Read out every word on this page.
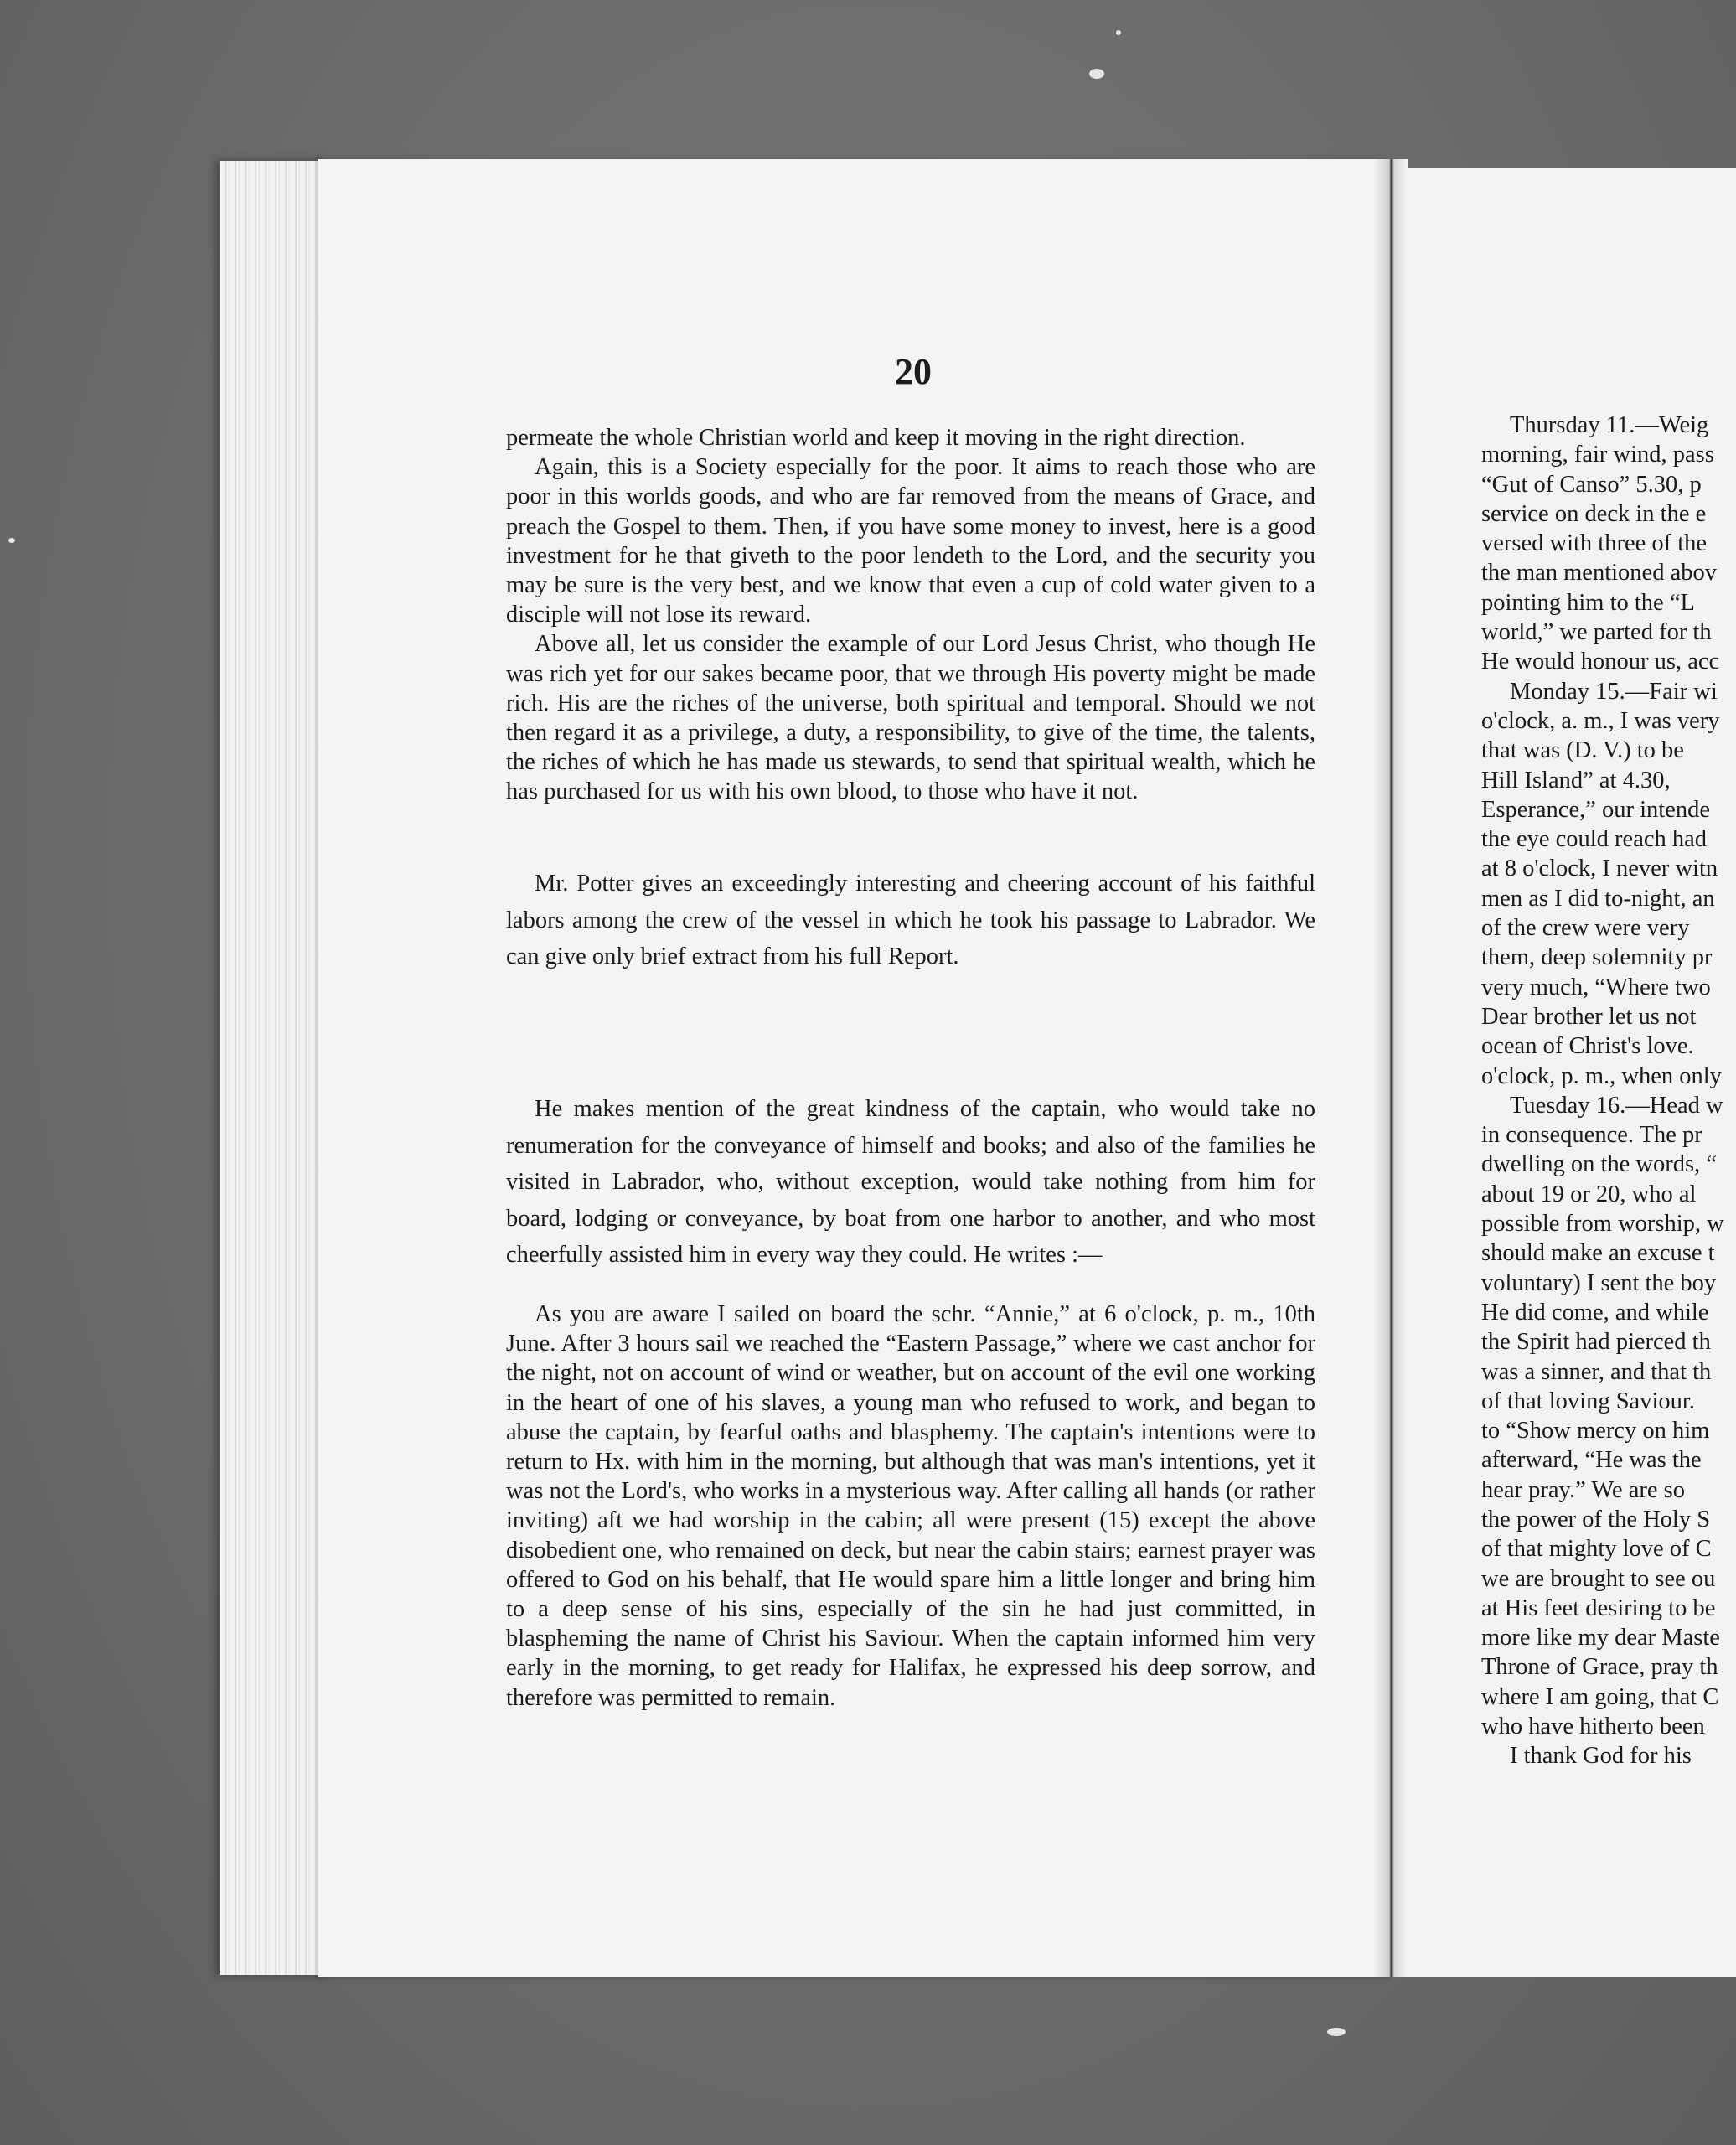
Thursday 11.—Weig
morning, fair wind, pass
“Gut of Canso” 5.30, p
service on deck in the e
versed with three of the
the man mentioned abov
pointing him to the “L
world,” we parted for th
He would honour us, acc
Monday 15.—Fair wi
o'clock, a. m., I was very
that was (D. V.) to be
Hill Island” at 4.30,
Esperance,” our intende
the eye could reach had
at 8 o'clock, I never witn
men as I did to-night, an
of the crew were very
them, deep solemnity pr
very much, “Where two
Dear brother let us not
ocean of Christ's love.
o'clock, p. m., when only
Tuesday 16.—Head w
in consequence. The pr
dwelling on the words, “
about 19 or 20, who al
possible from worship, w
should make an excuse t
voluntary) I sent the boy
He did come, and while
the Spirit had pierced th
was a sinner, and that th
of that loving Saviour.
to “Show mercy on him
afterward, “He was the
hear pray.” We are so
the power of the Holy S
of that mighty love of C
we are brought to see ou
at His feet desiring to be
more like my dear Maste
Throne of Grace, pray th
where I am going, that C
who have hitherto been
I thank God for his
20

permeate the whole Christian world and keep it moving in the right direction.

Again, this is a Society especially for the poor. It aims to reach those who are poor in this worlds goods, and who are far removed from the means of Grace, and preach the Gospel to them. Then, if you have some money to invest, here is a good investment for he that giveth to the poor lendeth to the Lord, and the security you may be sure is the very best, and we know that even a cup of cold water given to a disciple will not lose its reward.

Above all, let us consider the example of our Lord Jesus Christ, who though He was rich yet for our sakes became poor, that we through His poverty might be made rich. His are the riches of the universe, both spiritual and temporal. Should we not then regard it as a privilege, a duty, a responsibility, to give of the time, the talents, the riches of which he has made us stewards, to send that spiritual wealth, which he has purchased for us with his own blood, to those who have it not.

Mr. Potter gives an exceedingly interesting and cheering account of his faithful labors among the crew of the vessel in which he took his passage to Labrador. We can give only brief extract from his full Report.

He makes mention of the great kindness of the captain, who would take no renumeration for the conveyance of himself and books; and also of the families he visited in Labrador, who, without exception, would take nothing from him for board, lodging or conveyance, by boat from one harbor to another, and who most cheerfully assisted him in every way they could. He writes :—

As you are aware I sailed on board the schr. “Annie,” at 6 o'clock, p. m., 10th June. After 3 hours sail we reached the “Eastern Passage,” where we cast anchor for the night, not on account of wind or weather, but on account of the evil one working in the heart of one of his slaves, a young man who refused to work, and began to abuse the captain, by fearful oaths and blasphemy. The captain's intentions were to return to Hx. with him in the morning, but although that was man's intentions, yet it was not the Lord's, who works in a mysterious way. After calling all hands (or rather inviting) aft we had worship in the cabin; all were present (15) except the above disobedient one, who remained on deck, but near the cabin stairs; earnest prayer was offered to God on his behalf, that He would spare him a little longer and bring him to a deep sense of his sins, especially of the sin he had just committed, in blaspheming the name of Christ his Saviour. When the captain informed him very early in the morning, to get ready for Halifax, he expressed his deep sorrow, and therefore was permitted to remain.
